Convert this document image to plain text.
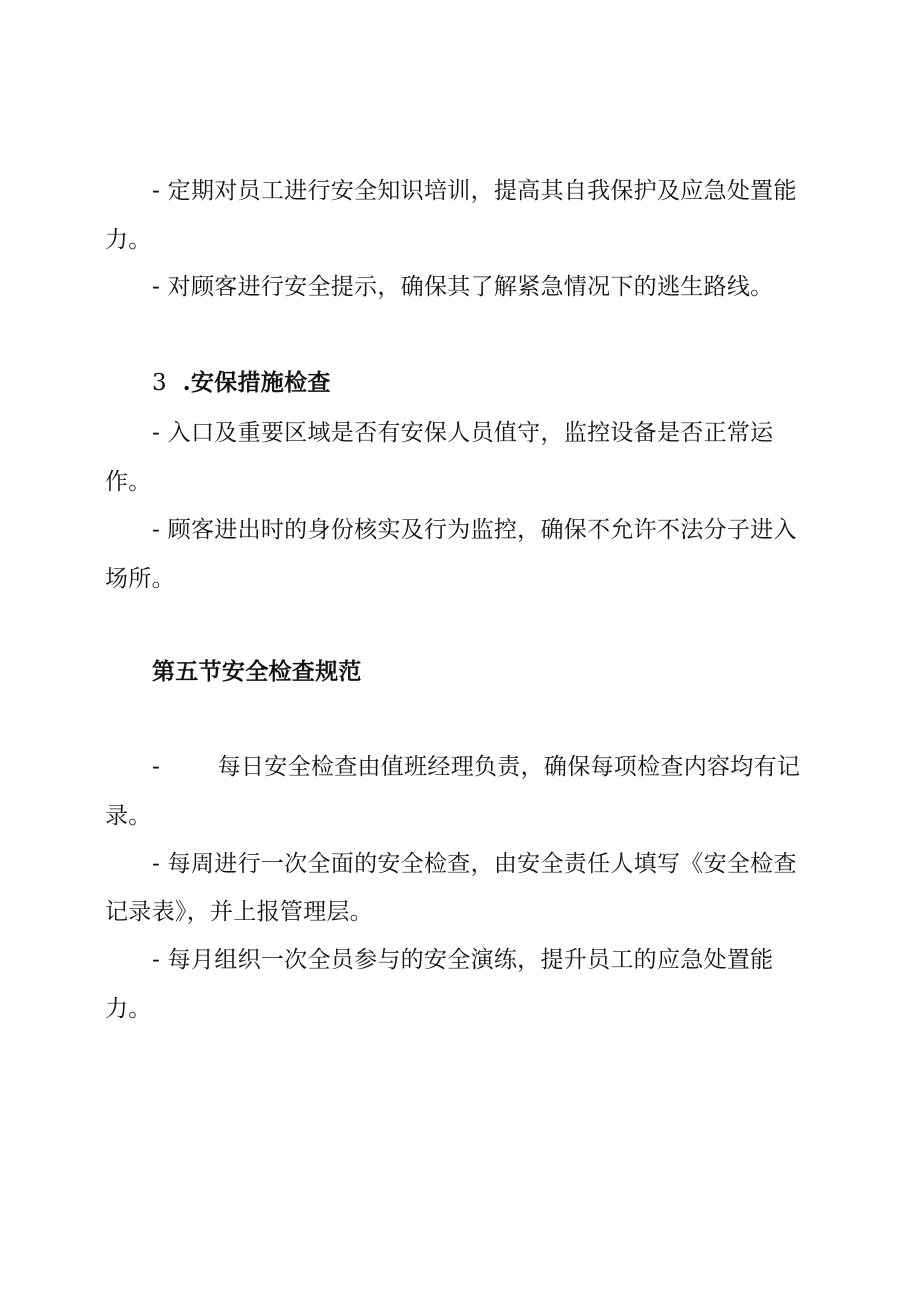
- 定期对员工进行安全知识培训，提高其自我保护及应急处置能
力。
- 对顾客进行安全提示，确保其了解紧急情况下的逃生路线。
3 .安保措施检查
- 入口及重要区域是否有安保人员值守，监控设备是否正常运
作。
- 顾客进出时的身份核实及行为监控，确保不允许不法分子进入
场所。
第五节安全检查规范
-	每日安全检查由值班经理负责，确保每项检查内容均有记
录。
- 每周进行一次全面的安全检查，由安全责任人填写《安全检查
记录表》，并上报管理层。
- 每月组织一次全员参与的安全演练，提升员工的应急处置能
力。
